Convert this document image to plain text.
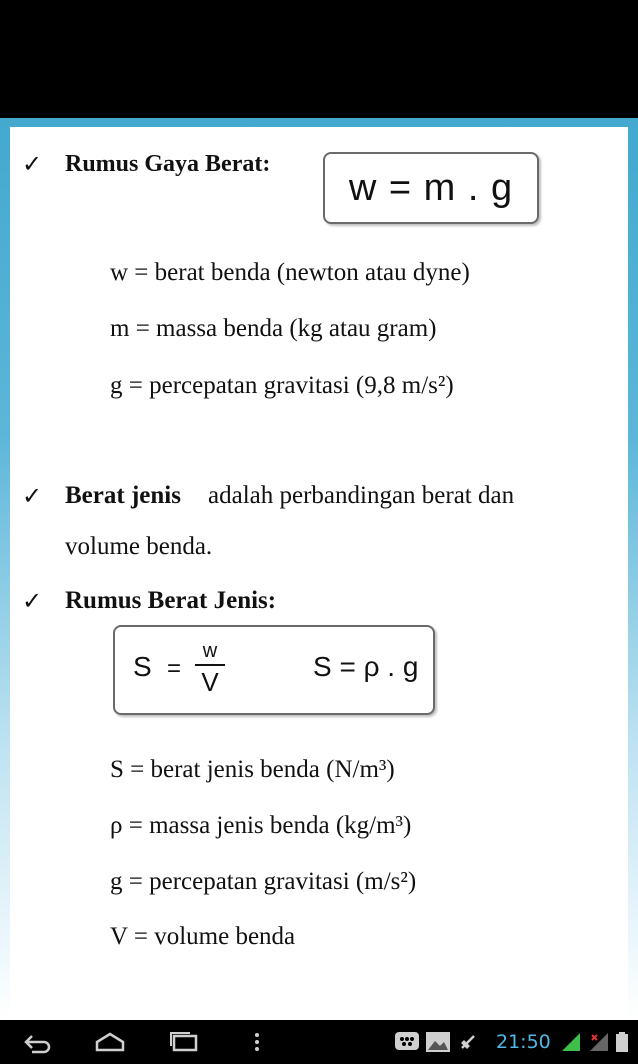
✓ Rumus Gaya Berat:
w = m . g
w = berat benda (newton atau dyne)
m = massa benda (kg atau gram)
g = percepatan gravitasi (9,8 m/s²)
✓ Berat jenis adalah perbandingan berat dan
volume benda.
✓ Rumus Berat Jenis:
S =
w
V	S = ρ . g
S = berat jenis benda (N/m³)
ρ = massa jenis benda (kg/m³)
g = percepatan gravitasi (m/s²)
V = volume benda
21:50
